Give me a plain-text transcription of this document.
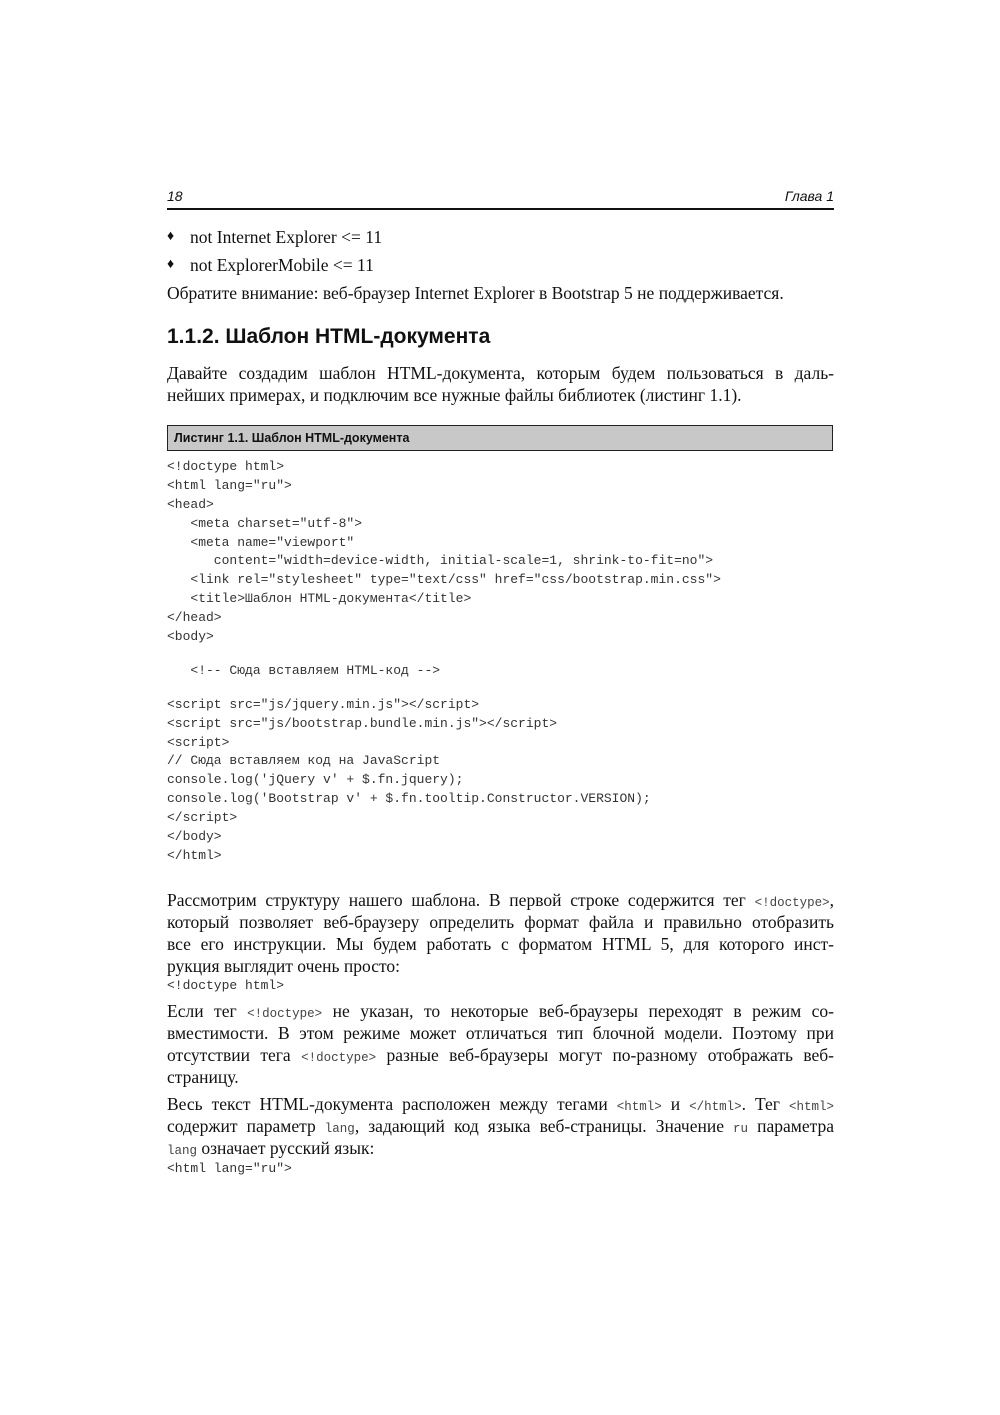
18	Глава 1
♦ not Internet Explorer <= 11
♦ not ExplorerMobile <= 11
Обратите внимание: веб-браузер Internet Explorer в Bootstrap 5 не поддерживается.
1.1.2. Шаблон HTML-документа
Давайте создадим шаблон HTML-документа, которым будем пользоваться в даль-
нейших примерах, и подключим все нужные файлы библиотек (листинг 1.1).
Листинг 1.1. Шаблон HTML-документа
<!doctype html>
<html lang="ru">
<head>
<meta charset="utf-8">
<meta name="viewport"
content="width=device-width, initial-scale=1, shrink-to-fit=no">
<link rel="stylesheet" type="text/css" href="css/bootstrap.min.css">
<title>Шаблон HTML-документа</title>
</head>
<body>
<!-- Сюда вставляем HTML-код -->
<script src="js/jquery.min.js"></script>
<script src="js/bootstrap.bundle.min.js"></script>
<script>
// Сюда вставляем код на JavaScript
console.log('jQuery v' + $.fn.jquery);
console.log('Bootstrap v' + $.fn.tooltip.Constructor.VERSION);
</script>
</body>
</html>
Рассмотрим структуру нашего шаблона. В первой строке содержится тег <!doctype>,
который позволяет веб-браузеру определить формат файла и правильно отобразить
все его инструкции. Мы будем работать с форматом HTML 5, для которого инст-
рукция выглядит очень просто:
<!doctype html>
Если тег <!doctype> не указан, то некоторые веб-браузеры переходят в режим со-
вместимости. В этом режиме может отличаться тип блочной модели. Поэтому при
отсутствии тега <!doctype> разные веб-браузеры могут по-разному отображать веб-
страницу.
Весь текст HTML-документа расположен между тегами <html> и </html>. Тег <html>
содержит параметр lang, задающий код языка веб-страницы. Значение ru параметра
lang означает русский язык:
<html lang="ru">
